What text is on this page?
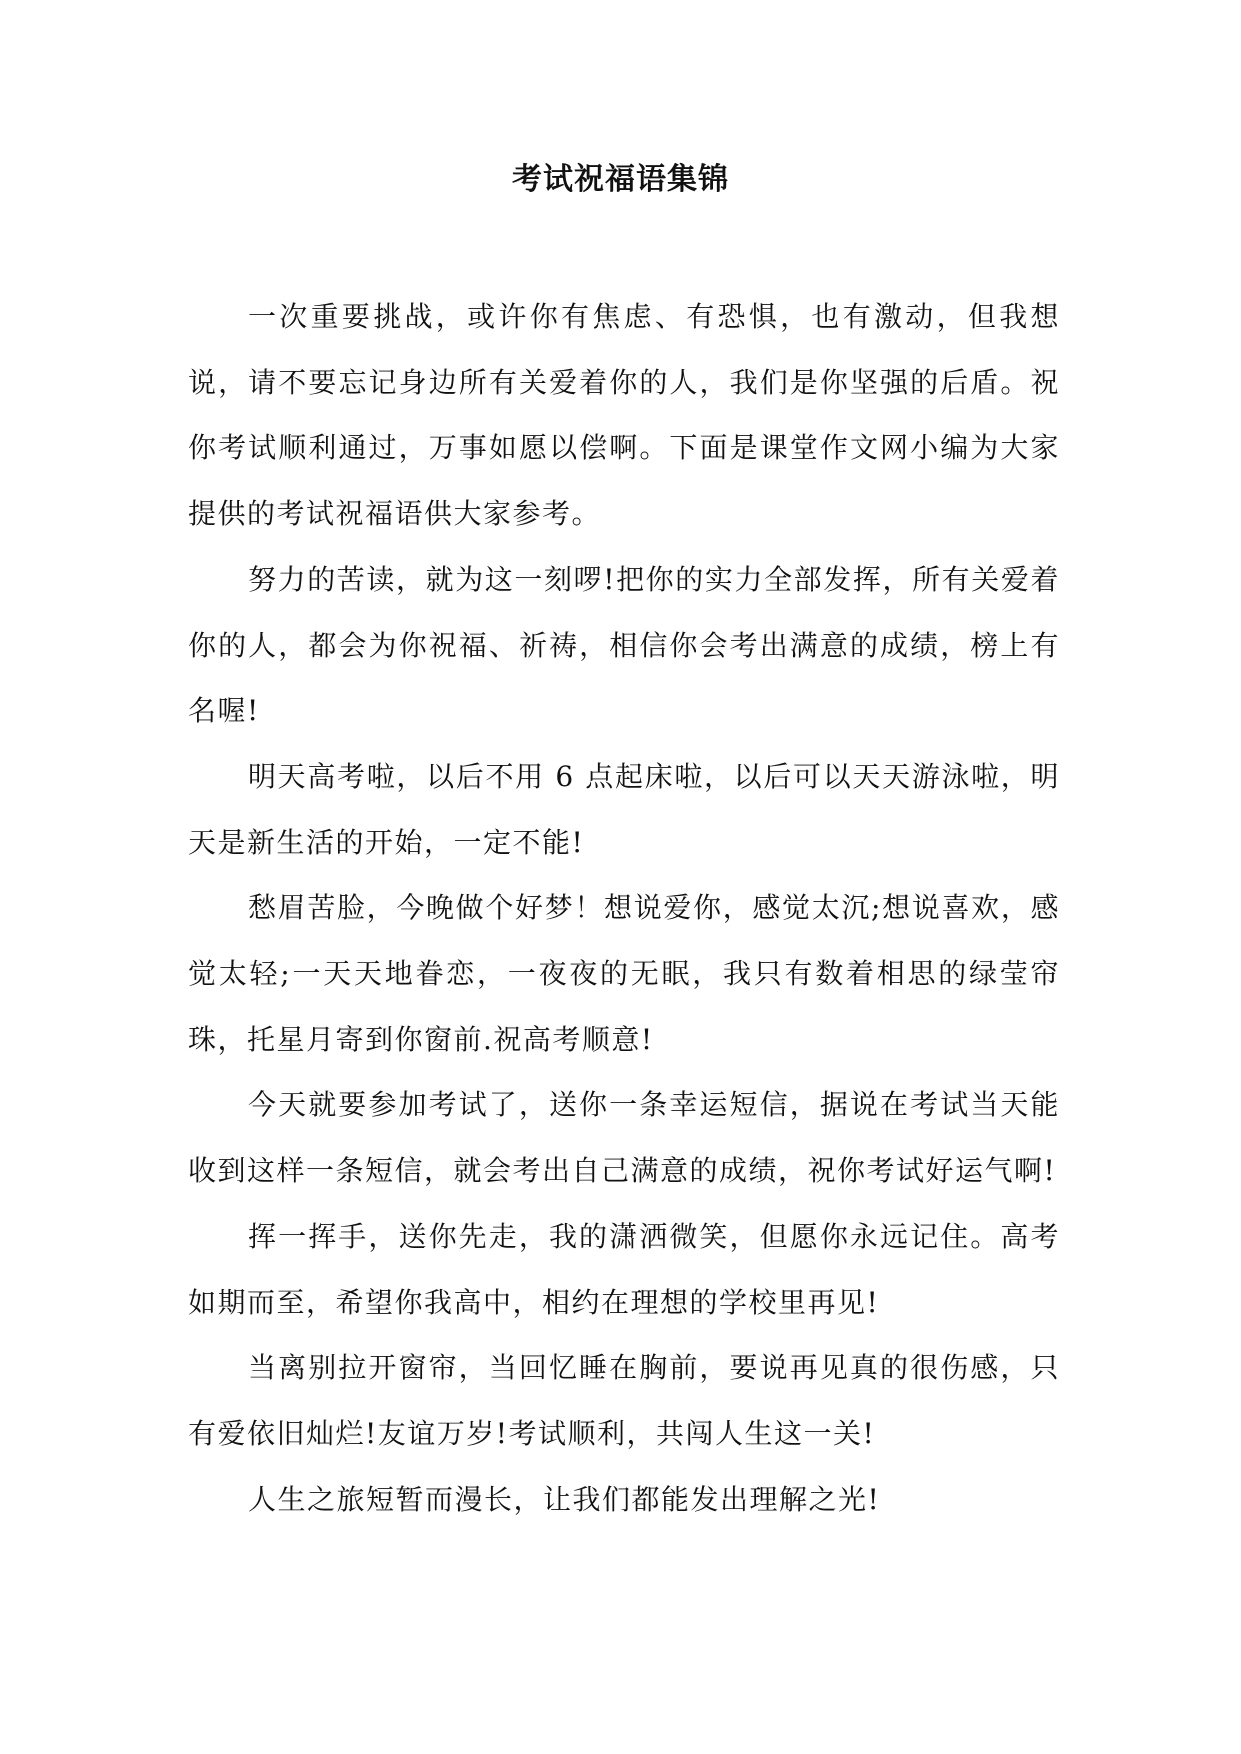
考试祝福语集锦

一次重要挑战，或许你有焦虑、有恐惧，也有激动，但我想说，请不要忘记身边所有关爱着你的人，我们是你坚强的后盾。祝你考试顺利通过，万事如愿以偿啊。下面是课堂作文网小编为大家提供的考试祝福语供大家参考。

努力的苦读，就为这一刻啰!把你的实力全部发挥，所有关爱着你的人，都会为你祝福、祈祷，相信你会考出满意的成绩，榜上有名喔!

明天高考啦，以后不用 6 点起床啦，以后可以天天游泳啦，明天是新生活的开始，一定不能!

愁眉苦脸，今晚做个好梦！想说爱你，感觉太沉;想说喜欢，感觉太轻;一天天地眷恋，一夜夜的无眠，我只有数着相思的绿莹帘珠，托星月寄到你窗前.祝高考顺意!

今天就要参加考试了，送你一条幸运短信，据说在考试当天能收到这样一条短信，就会考出自己满意的成绩，祝你考试好运气啊!

挥一挥手，送你先走，我的潇洒微笑，但愿你永远记住。高考如期而至，希望你我高中，相约在理想的学校里再见!

当离别拉开窗帘，当回忆睡在胸前，要说再见真的很伤感，只有爱依旧灿烂!友谊万岁!考试顺利，共闯人生这一关!

人生之旅短暂而漫长，让我们都能发出理解之光!
